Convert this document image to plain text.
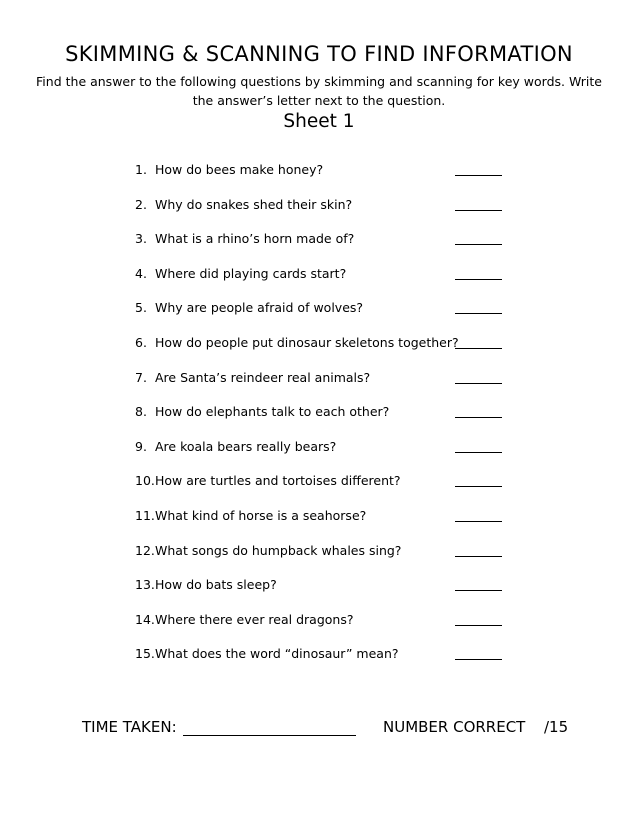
SKIMMING & SCANNING TO FIND INFORMATION
Find the answer to the following questions by skimming and scanning for key words. Write the answer’s letter next to the question.
Sheet 1
1. How do bees make honey?
2. Why do snakes shed their skin?
3. What is a rhino’s horn made of?
4. Where did playing cards start?
5. Why are people afraid of wolves?
6. How do people put dinosaur skeletons together?
7. Are Santa’s reindeer real animals?
8. How do elephants talk to each other?
9. Are koala bears really bears?
10. How are turtles and tortoises different?
11. What kind of horse is a seahorse?
12. What songs do humpback whales sing?
13. How do bats sleep?
14. Where there ever real dragons?
15. What does the word “dinosaur” mean?
TIME TAKEN:	NUMBER CORRECT /15
